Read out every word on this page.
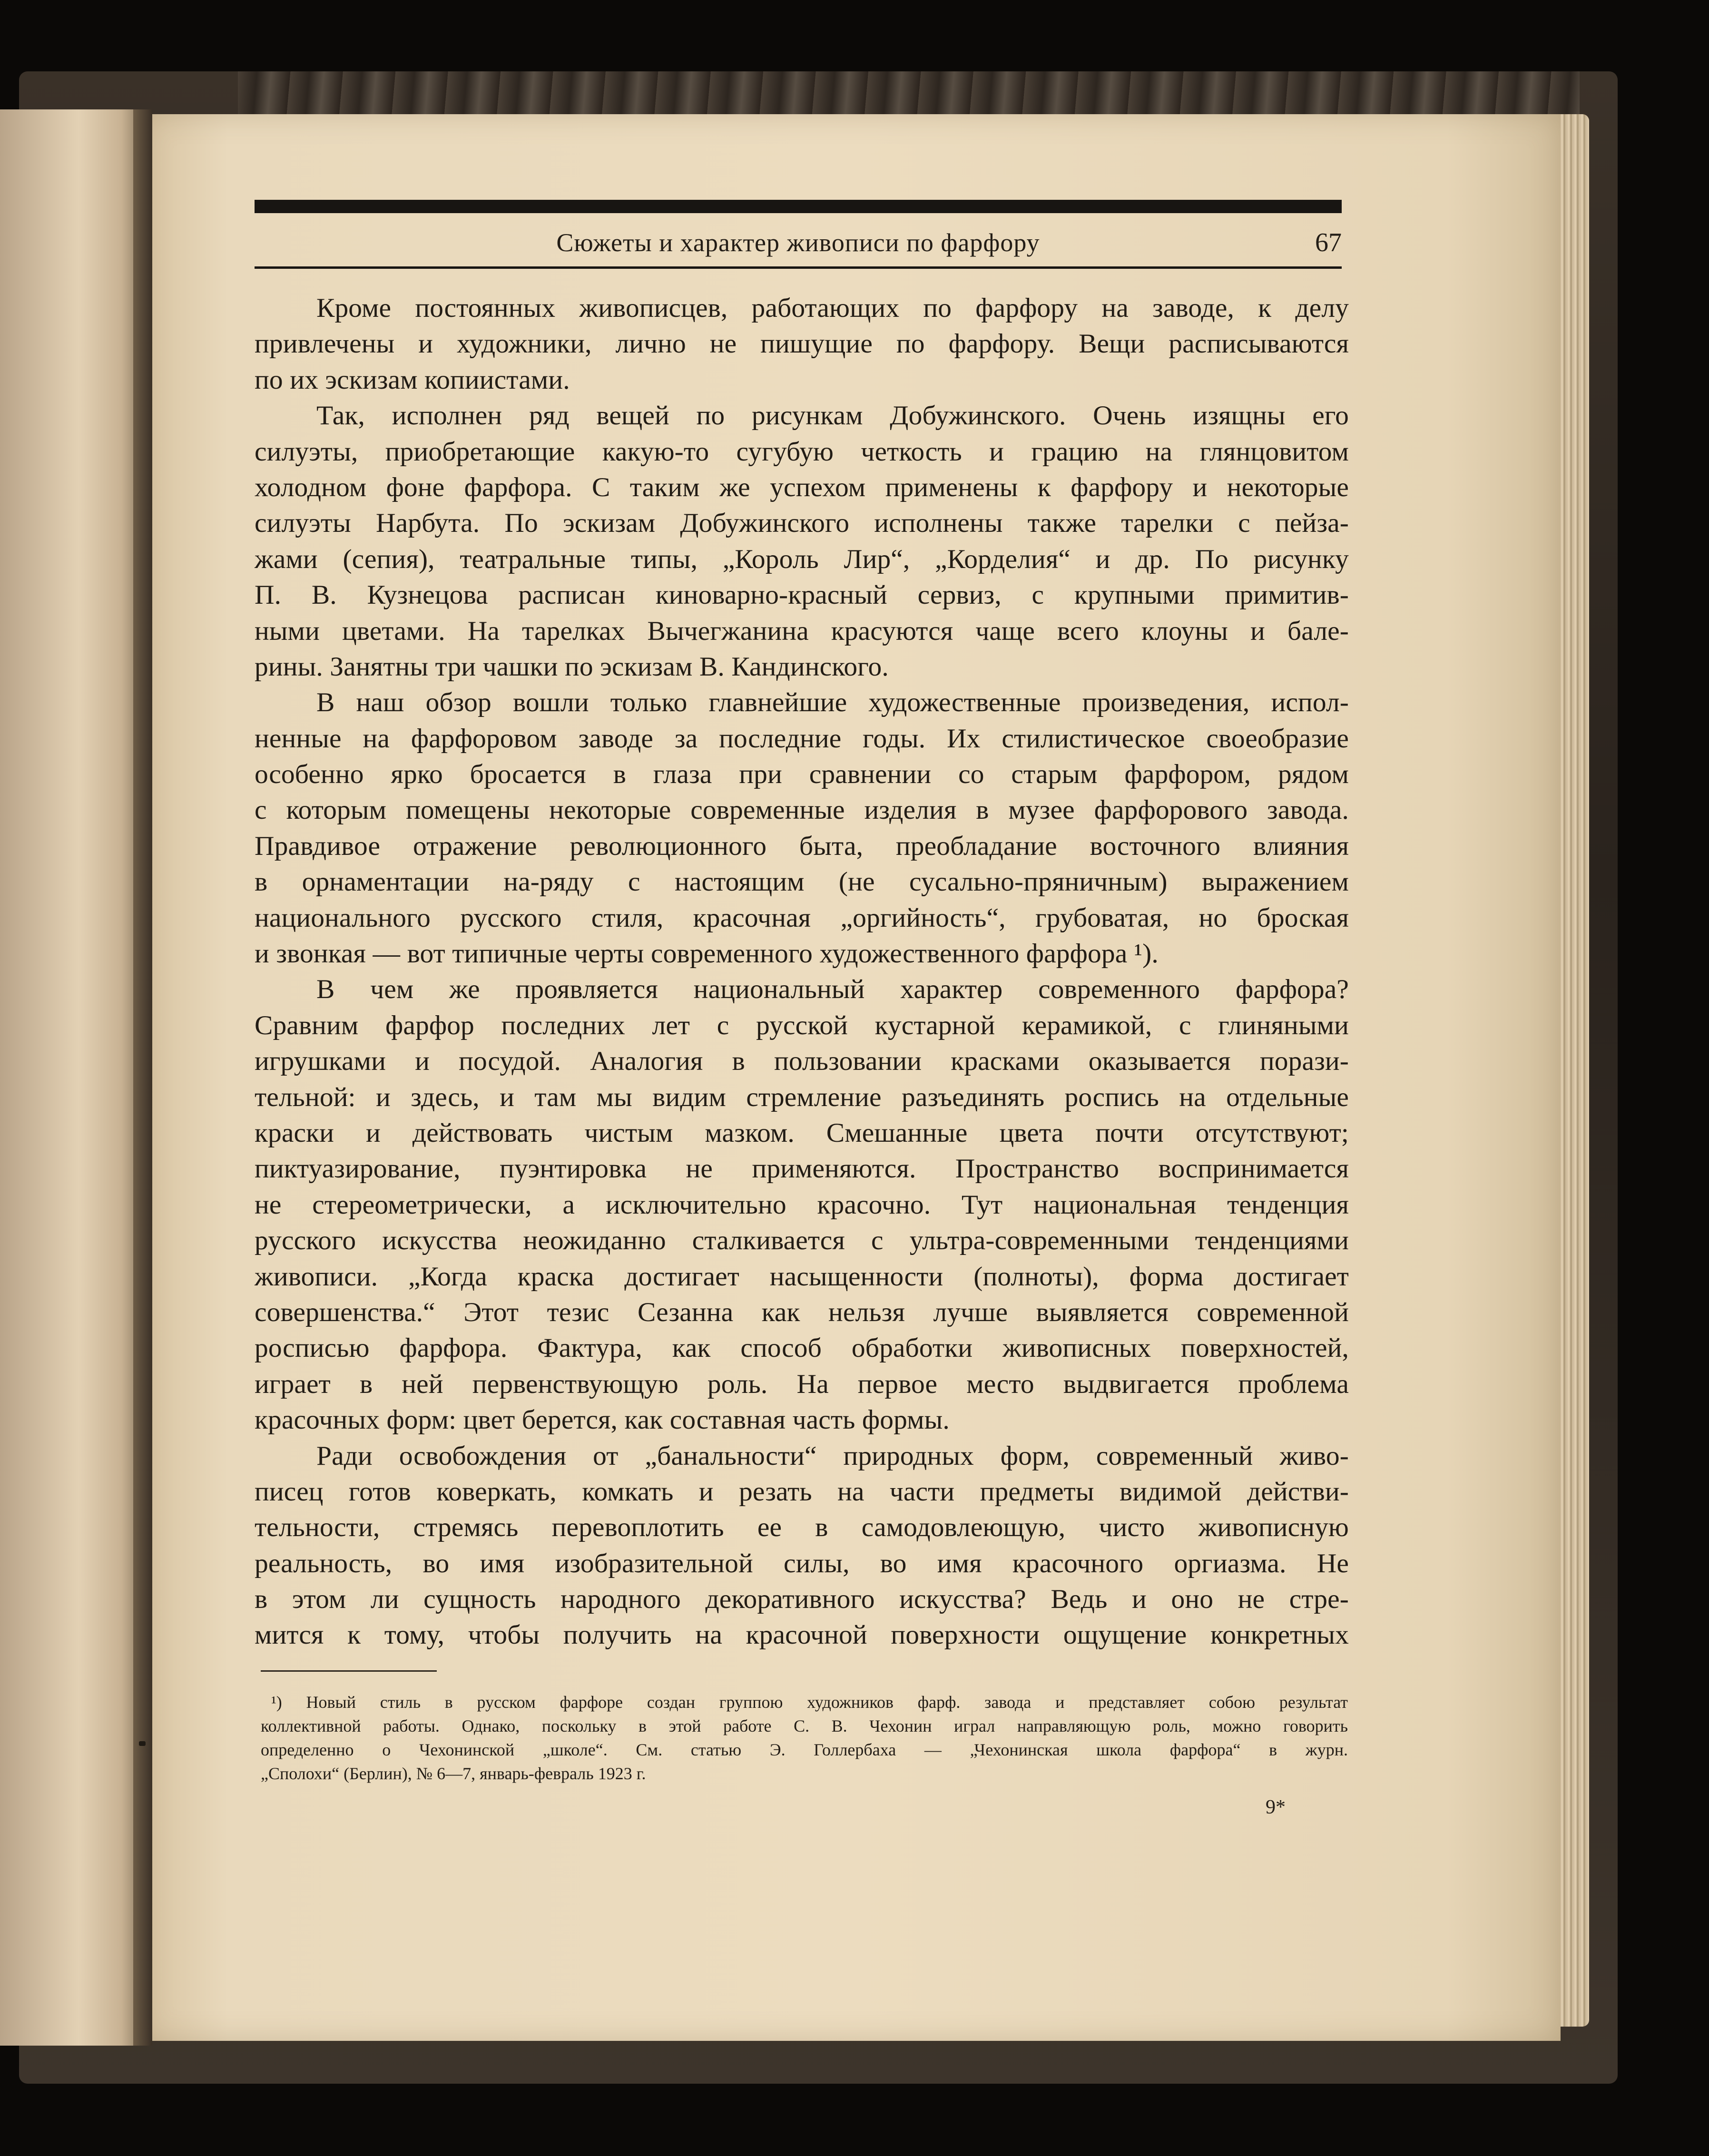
Сюжеты и характер живописи по фарфору	67
Кроме постоянных живописцев, работающих по фарфору на заводе, к делу
привлечены и художники, лично не пишущие по фарфору. Вещи расписываются
по их эскизам копиистами.
Так, исполнен ряд вещей по рисункам Добужинского. Очень изящны его
силуэты, приобретающие какую-то сугубую четкость и грацию на глянцовитом
холодном фоне фарфора. С таким же успехом применены к фарфору и некоторые
силуэты Нарбута. По эскизам Добужинского исполнены также тарелки с пейза-
жами (сепия), театральные типы, „Король Лир“, „Корделия“ и др. По рисунку
П. В. Кузнецова расписан киноварно-красный сервиз, с крупными примитив-
ными цветами. На тарелках Вычегжанина красуются чаще всего клоуны и бале-
рины. Занятны три чашки по эскизам В. Кандинского.
В наш обзор вошли только главнейшие художественные произведения, испол-
ненные на фарфоровом заводе за последние годы. Их стилистическое своеобразие
особенно ярко бросается в глаза при сравнении со старым фарфором, рядом
с которым помещены некоторые современные изделия в музее фарфорового завода.
Правдивое отражение революционного быта, преобладание восточного влияния
в орнаментации на-ряду с настоящим (не сусально-пряничным) выражением
национального русского стиля, красочная „оргийность“, грубоватая, но броская
и звонкая — вот типичные черты современного художественного фарфора ¹).
В чем же проявляется национальный характер современного фарфора?
Сравним фарфор последних лет с русской кустарной керамикой, с глиняными
игрушками и посудой. Аналогия в пользовании красками оказывается порази-
тельной: и здесь, и там мы видим стремление разъединять роспись на отдельные
краски и действовать чистым мазком. Смешанные цвета почти отсутствуют;
пиктуазирование, пуэнтировка не применяются. Пространство воспринимается
не стереометрически, а исключительно красочно. Тут национальная тенденция
русского искусства неожиданно сталкивается с ультра-современными тенденциями
живописи. „Когда краска достигает насыщенности (полноты), форма достигает
совершенства.“ Этот тезис Сезанна как нельзя лучше выявляется современной
росписью фарфора. Фактура, как способ обработки живописных поверхностей,
играет в ней первенствующую роль. На первое место выдвигается проблема
красочных форм: цвет берется, как составная часть формы.
Ради освобождения от „банальности“ природных форм, современный живо-
писец готов коверкать, комкать и резать на части предметы видимой действи-
тельности, стремясь перевоплотить ее в самодовлеющую, чисто живописную
реальность, во имя изобразительной силы, во имя красочного оргиазма. Не
в этом ли сущность народного декоративного искусства? Ведь и оно не стре-
мится к тому, чтобы получить на красочной поверхности ощущение конкретных
¹) Новый стиль в русском фарфоре создан группою художников фарф. завода и представляет собою результат
коллективной работы. Однако, поскольку в этой работе С. В. Чехонин играл направляющую роль, можно говорить
определенно о Чехонинской „школе“. См. статью Э. Голлербаха — „Чехонинская школа фарфора“ в журн.
„Сполохи“ (Берлин), № 6—7, январь-февраль 1923 г.
9*
